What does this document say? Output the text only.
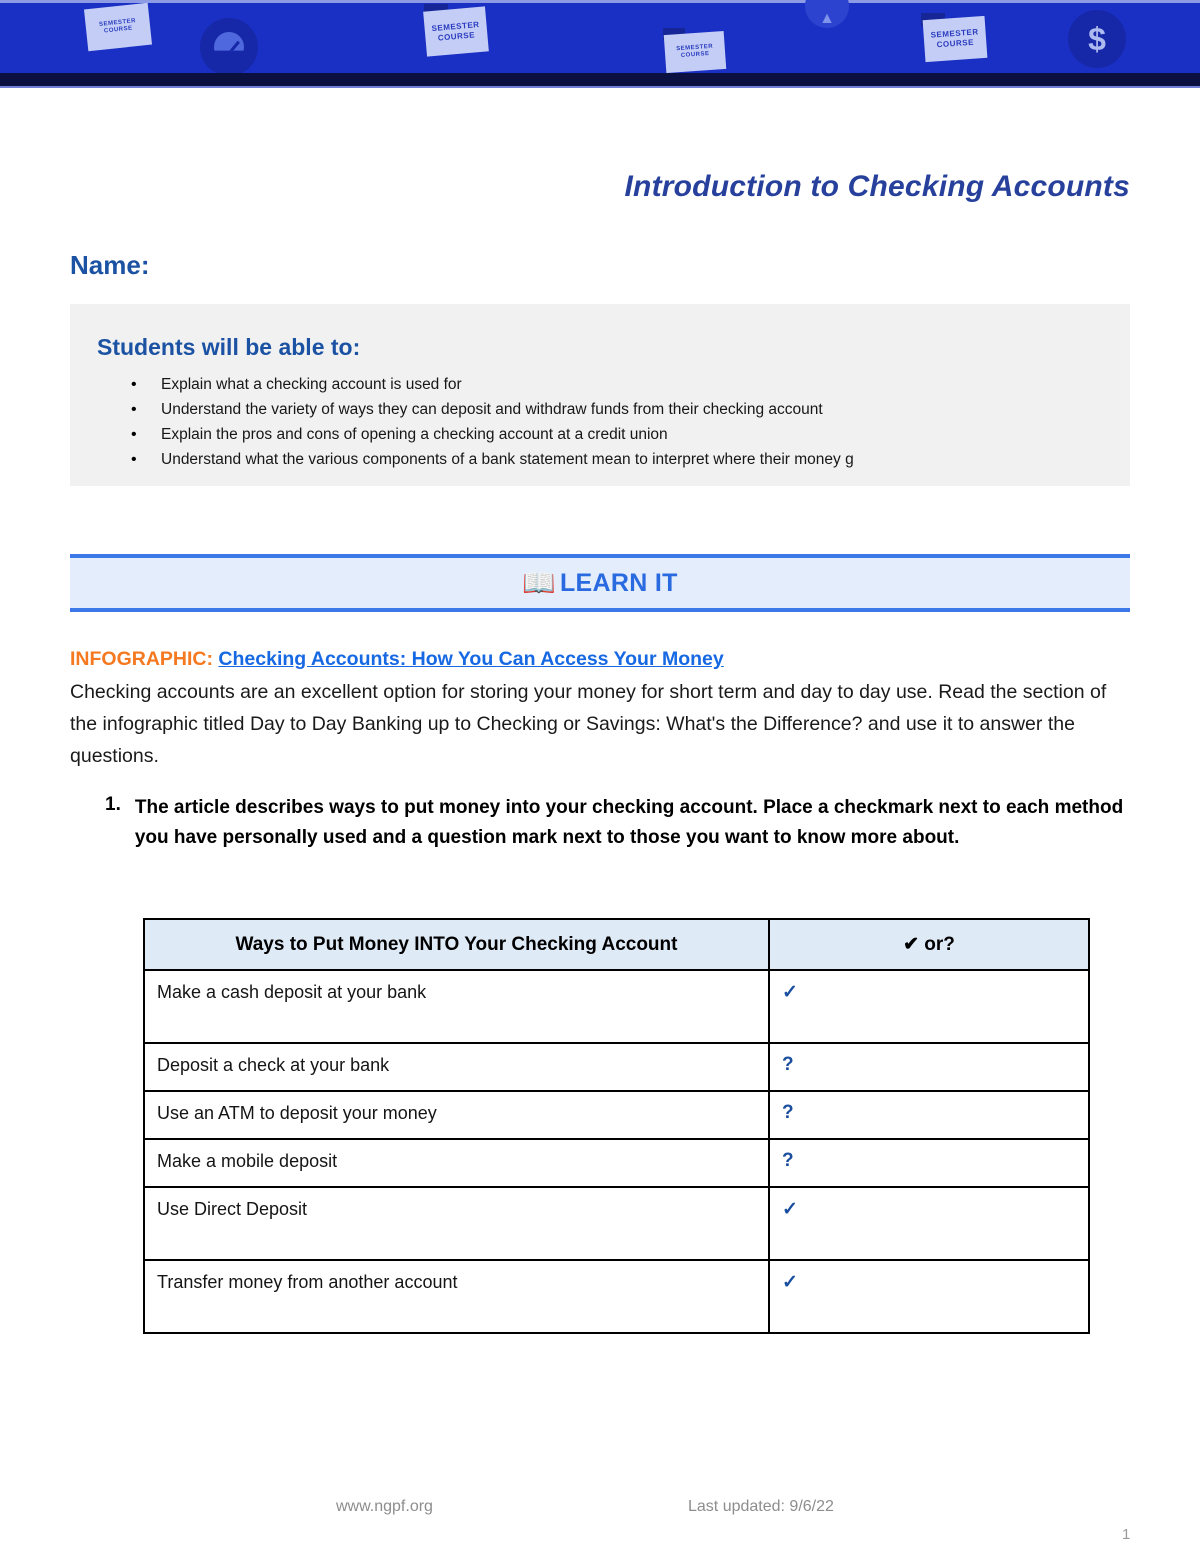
▲
SEMESTER
COURSE	SEMESTER
COURSE
SEMESTER
COURSE
SEMESTER
COURSE	$
Introduction to Checking Accounts
Name:
Students will be able to:
• Explain what a checking account is used for
• Understand the variety of ways they can deposit and withdraw funds from their checking account
• Explain the pros and cons of opening a checking account at a credit union
• Understand what the various components of a bank statement mean to interpret where their money g
📖 LEARN IT
INFOGRAPHIC: Checking Accounts: How You Can Access Your Money
Checking accounts are an excellent option for storing your money for short term and day to day use. Read the section of the infographic titled Day to Day Banking up to Checking or Savings: What's the Difference? and use it to answer the questions.
1. The article describes ways to put money into your checking account. Place a checkmark next to each method you have personally used and a question mark next to those you want to know more about.
Ways to Put Money INTO Your Checking Account	✔ or?
Make a cash deposit at your bank	✓
Deposit a check at your bank	?
Use an ATM to deposit your money	?
Make a mobile deposit	?
Use Direct Deposit	✓
Transfer money from another account	✓
www.ngpf.org	Last updated: 9/6/22
1
